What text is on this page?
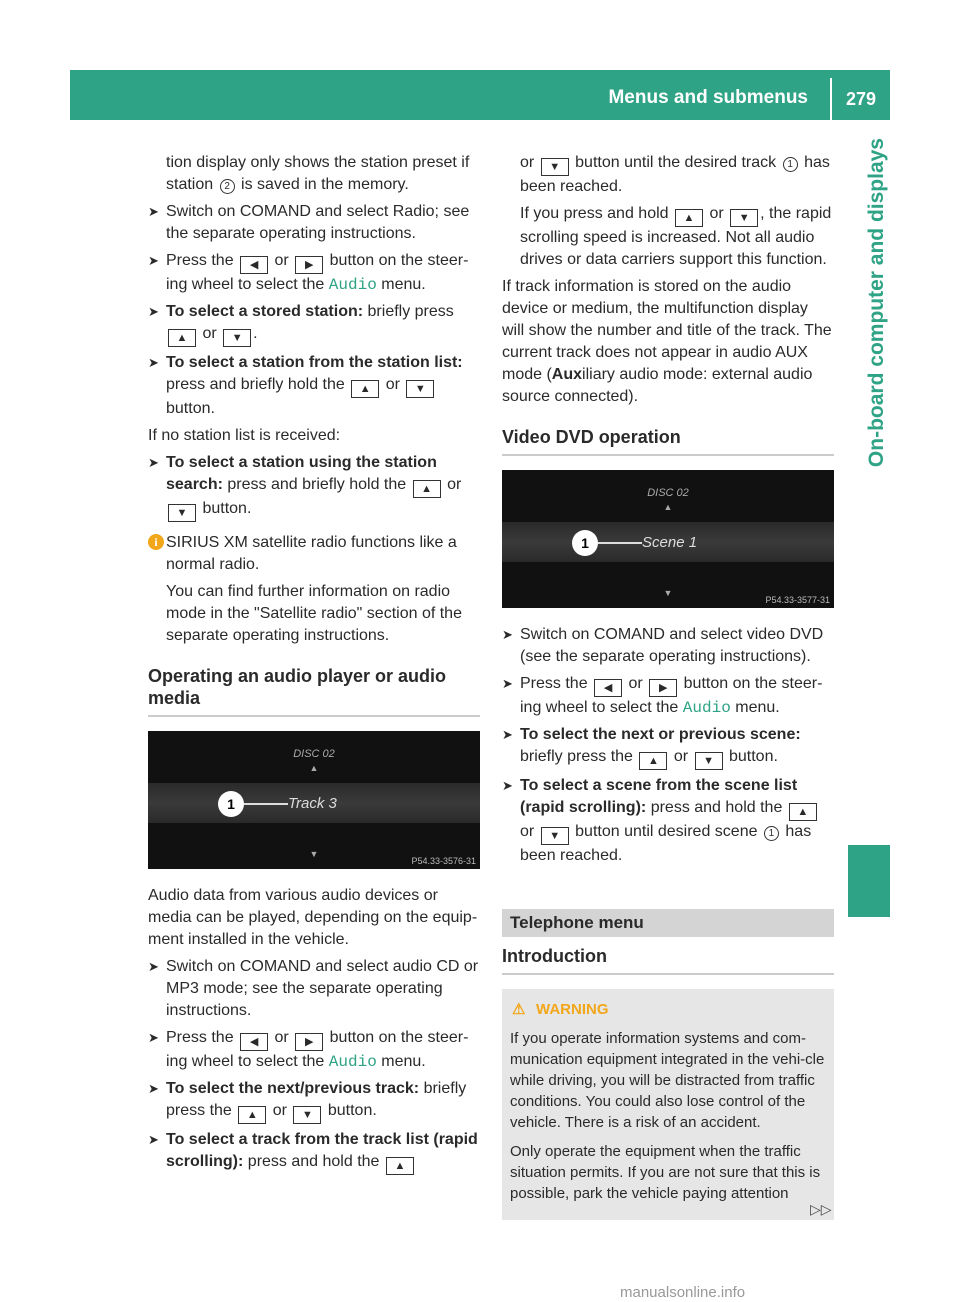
Menus and submenus	279
On-board computer and displays

tion display only shows the station preset if station 2 is saved in the memory.

➤ Switch on COMAND and select Radio; see the separate operating instructions.
➤ Press the ◀ or ▶ button on the steer-ing wheel to select the Audio menu.
➤ To select a stored station: briefly press ▲ or ▼ .
➤ To select a station from the station list: press and briefly hold the ▲ or ▼ button.

If no station list is received:

➤ To select a station using the station search: press and briefly hold the ▲ or ▼ button.
i SIRIUS XM satellite radio functions like a normal radio.

You can find further information on radio mode in the "Satellite radio" section of the separate operating instructions.

Operating an audio player or audio media
DISC 02
▲
1	Track 3
▼
P54.33-3576-31

Audio data from various audio devices or media can be played, depending on the equip-ment installed in the vehicle.

➤ Switch on COMAND and select audio CD or MP3 mode; see the separate operating instructions.
➤ Press the ◀ or ▶ button on the steer-ing wheel to select the Audio menu.
➤ To select the next/previous track: briefly press the ▲ or ▼ button.
➤ To select a track from the track list (rapid scrolling): press and hold the ▲

or ▼ button until the desired track 1 has been reached.

If you press and hold ▲ or ▼ , the rapid scrolling speed is increased. Not all audio drives or data carriers support this function.

If track information is stored on the audio device or medium, the multifunction display will show the number and title of the track. The current track does not appear in audio AUX mode (Auxiliary audio mode: external audio source connected).

Video DVD operation
DISC 02
▲
1	Scene 1
▼
P54.33-3577-31
➤ Switch on COMAND and select video DVD (see the separate operating instructions).
➤ Press the ◀ or ▶ button on the steer-ing wheel to select the Audio menu.
➤ To select the next or previous scene: briefly press the ▲ or ▼ button.
➤ To select a scene from the scene list (rapid scrolling): press and hold the ▲ or ▼ button until desired scene 1 has been reached.
Telephone menu
Introduction
⚠ WARNING

If you operate information systems and com-munication equipment integrated in the vehi-cle while driving, you will be distracted from traffic conditions. You could also lose control of the vehicle. There is a risk of an accident.

Only operate the equipment when the traffic situation permits. If you are not sure that this is possible, park the vehicle paying attention

▷▷
manualsonline.info
